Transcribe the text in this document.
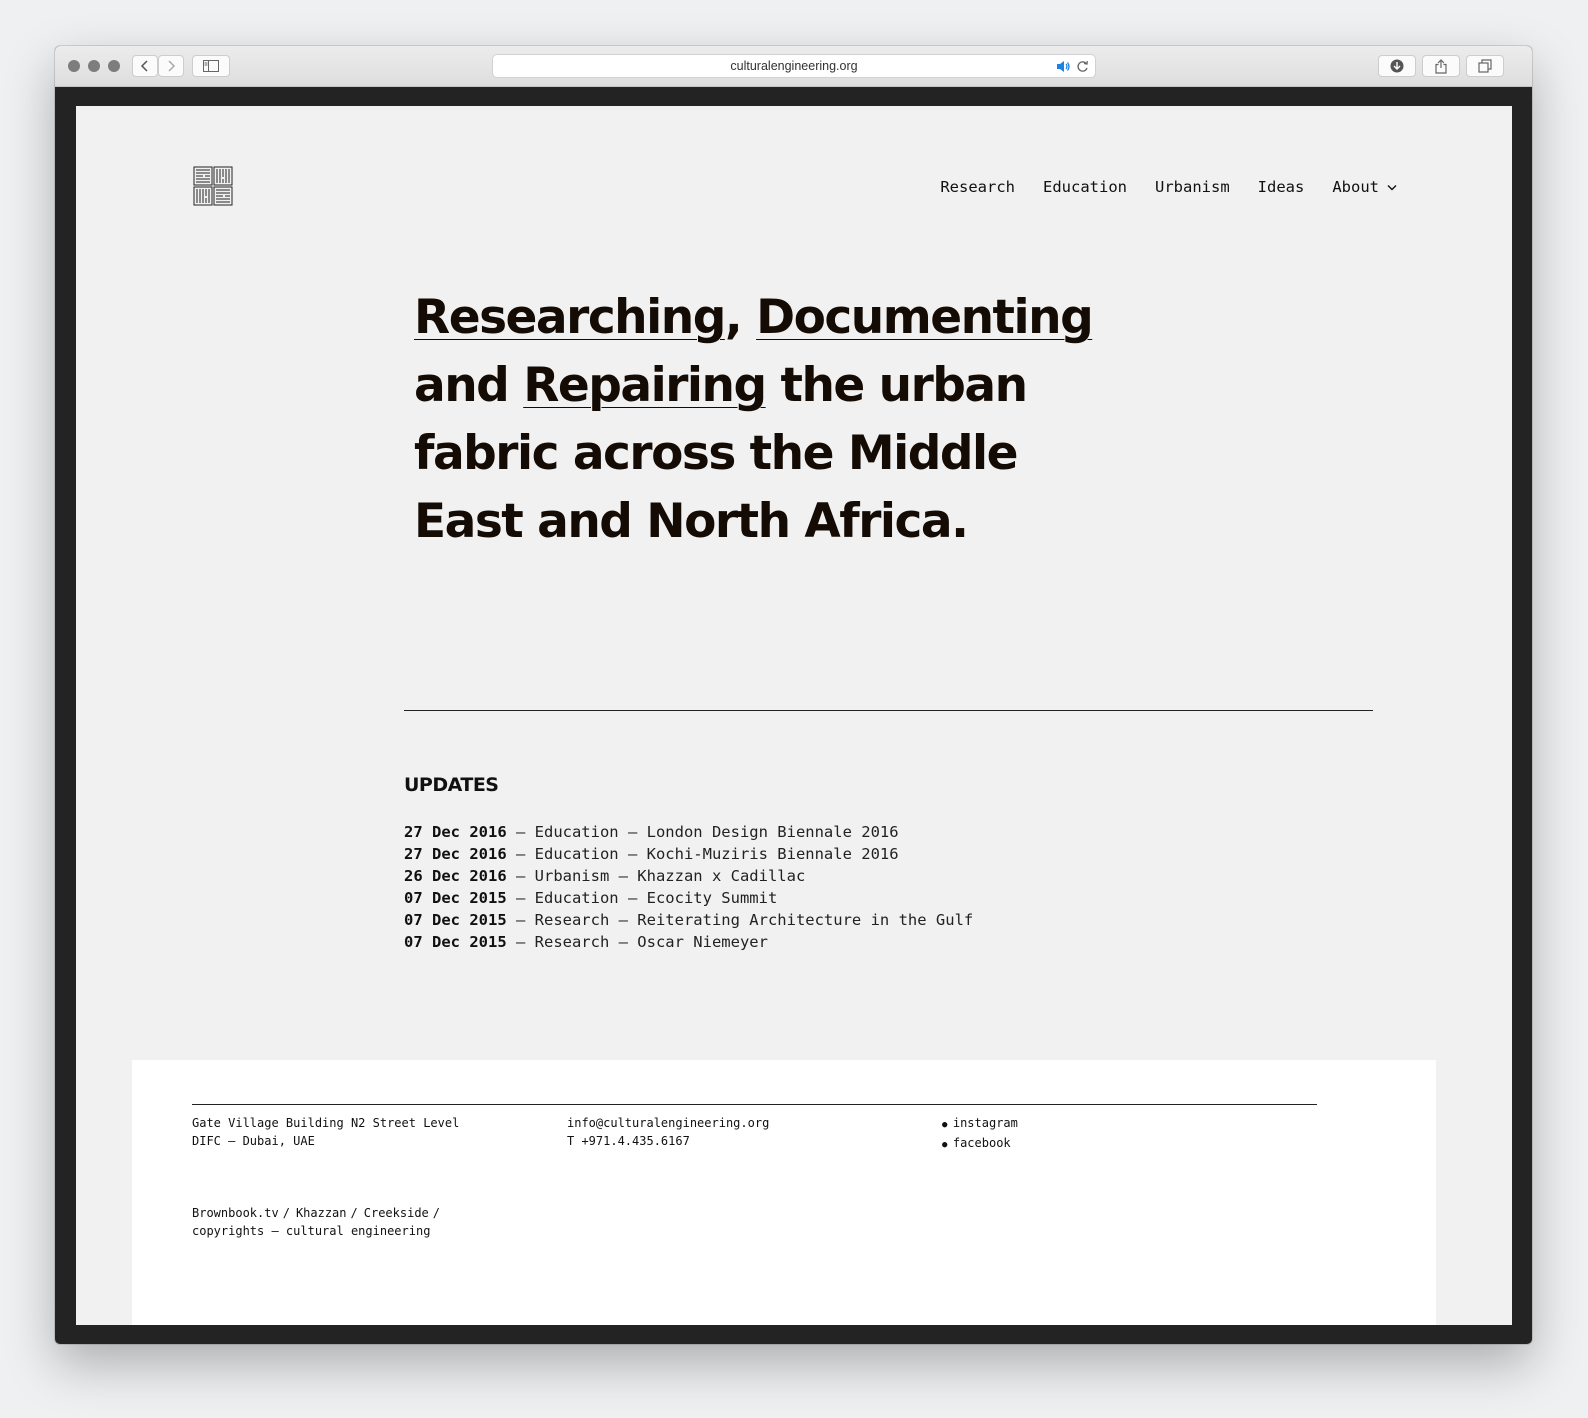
culturalengineering.org
Research Education Urbanism Ideas About
Researching, Documenting and Repairing the urban fabric across the Middle East and North Africa.
UPDATES
27 Dec 2016 — Education — London Design Biennale 2016
27 Dec 2016 — Education — Kochi-Muziris Biennale 2016
26 Dec 2016 — Urbanism — Khazzan x Cadillac
07 Dec 2015 — Education — Ecocity Summit
07 Dec 2015 — Research — Reiterating Architecture in the Gulf
07 Dec 2015 — Research — Oscar Niemeyer
Gate Village Building N2 Street Level
DIFC — Dubai, UAE
info@culturalengineering.org
T +971.4.435.6167
● instagram
● facebook
Brownbook.tv / Khazzan / Creekside /
copyrights — cultural engineering
